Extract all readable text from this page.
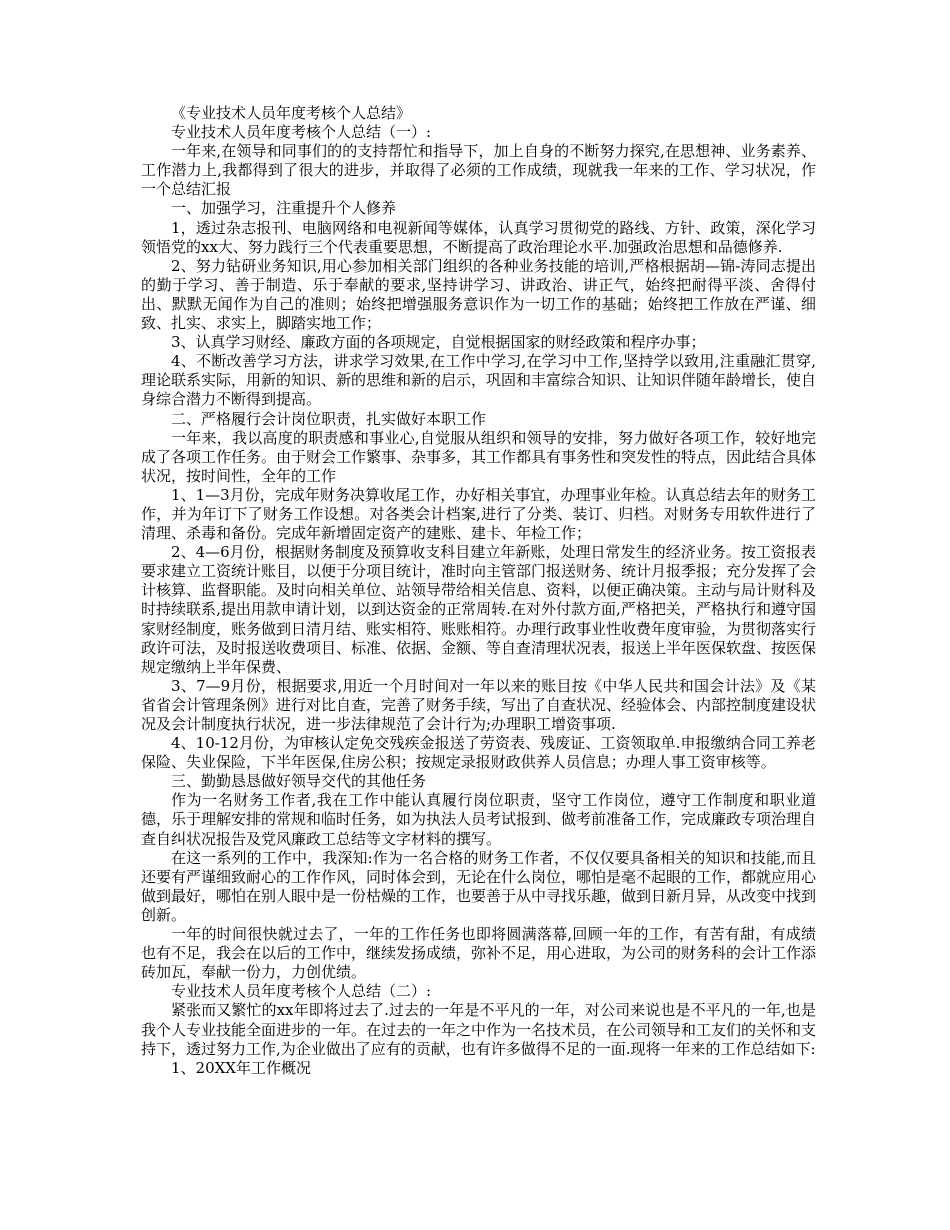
《专业技术人员年度考核个人总结》

专业技术人员年度考核个人总结（一）:

一年来,在领导和同事们的的支持帮忙和指导下，加上自身的不断努力探究,在思想神、业务素养、工作潜力上,我都得到了很大的进步，并取得了必须的工作成绩，现就我一年来的工作、学习状况，作一个总结汇报

一、加强学习，注重提升个人修养

1，透过杂志报刊、电脑网络和电视新闻等媒体，认真学习贯彻党的路线、方针、政策，深化学习领悟党的xx大、努力践行三个代表重要思想，不断提高了政治理论水平.加强政治思想和品德修养.

2、努力钻研业务知识,用心参加相关部门组织的各种业务技能的培训,严格根据胡—锦-涛同志提出的勤于学习、善于制造、乐于奉献的要求,坚持讲学习、讲政治、讲正气，始终把耐得平淡、舍得付出、默默无闻作为自己的准则；始终把增强服务意识作为一切工作的基础；始终把工作放在严谨、细致、扎实、求实上，脚踏实地工作；

3、认真学习财经、廉政方面的各项规定，自觉根据国家的财经政策和程序办事；

4、不断改善学习方法，讲求学习效果,在工作中学习,在学习中工作,坚持学以致用,注重融汇贯穿,理论联系实际，用新的知识、新的思维和新的启示，巩固和丰富综合知识、让知识伴随年龄增长，使自身综合潜力不断得到提高。

二、严格履行会计岗位职责，扎实做好本职工作

一年来，我以高度的职责感和事业心,自觉服从组织和领导的安排，努力做好各项工作，较好地完成了各项工作任务。由于财会工作繁事、杂事多，其工作都具有事务性和突发性的特点，因此结合具体状况，按时间性，全年的工作

1、1—3月份，完成年财务决算收尾工作，办好相关事宜，办理事业年检。认真总结去年的财务工作，并为年订下了财务工作设想。对各类会计档案,进行了分类、装订、归档。对财务专用软件进行了清理、杀毒和备份。完成年新增固定资产的建账、建卡、年检工作；

2、4—6月份，根据财务制度及预算收支科目建立年新账，处理日常发生的经济业务。按工资报表要求建立工资统计账目，以便于分项目统计，准时向主管部门报送财务、统计月报季报；充分发挥了会计核算、监督职能。及时向相关单位、站领导带给相关信息、资料，以便正确决策。主动与局计财科及时持续联系,提出用款申请计划，以到达资金的正常周转.在对外付款方面,严格把关，严格执行和遵守国家财经制度，账务做到日清月结、账实相符、账账相符。办理行政事业性收费年度审验，为贯彻落实行政许可法，及时报送收费项目、标准、依据、金额、等自查清理状况表，报送上半年医保软盘、按医保规定缴纳上半年保费、

3、7—9月份，根据要求,用近一个月时间对一年以来的账目按《中华人民共和国会计法》及《某省省会计管理条例》进行对比自查，完善了财务手续，写出了自查状况、经验体会、内部控制度建设状况及会计制度执行状况，进一步法律规范了会计行为;办理职工增资事项.

4、10-12月份，为审核认定免交残疾金报送了劳资表、残废证、工资领取单.申报缴纳合同工养老保险、失业保险，下半年医保,住房公积；按规定录报财政供养人员信息；办理人事工资审核等。

三、勤勤恳恳做好领导交代的其他任务

作为一名财务工作者,我在工作中能认真履行岗位职责，坚守工作岗位，遵守工作制度和职业道德，乐于理解安排的常规和临时任务，如为执法人员考试报到、做考前准备工作，完成廉政专项治理自查自纠状况报告及党风廉政工总结等文字材料的撰写。

在这一系列的工作中，我深知:作为一名合格的财务工作者，不仅仅要具备相关的知识和技能,而且还要有严谨细致耐心的工作作风，同时体会到，无论在什么岗位，哪怕是毫不起眼的工作，都就应用心做到最好，哪怕在别人眼中是一份枯燥的工作，也要善于从中寻找乐趣，做到日新月异，从改变中找到创新。

一年的时间很快就过去了，一年的工作任务也即将圆满落幕,回顾一年的工作，有苦有甜，有成绩也有不足，我会在以后的工作中，继续发扬成绩，弥补不足，用心进取，为公司的财务科的会计工作添砖加瓦，奉献一份力，力创优绩。

专业技术人员年度考核个人总结（二）:

紧张而又繁忙的xx年即将过去了.过去的一年是不平凡的一年，对公司来说也是不平凡的一年,也是我个人专业技能全面进步的一年。在过去的一年之中作为一名技术员，在公司领导和工友们的关怀和支持下，透过努力工作,为企业做出了应有的贡献，也有许多做得不足的一面.现将一年来的工作总结如下:

1、20XX年工作概况
